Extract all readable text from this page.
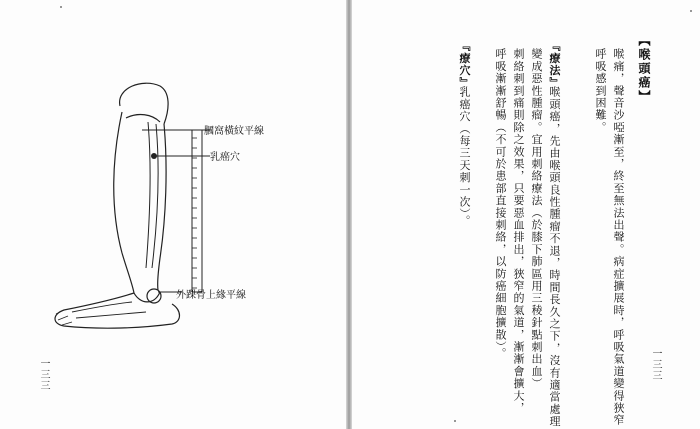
膕窩橫紋平線
乳癌穴
外踝骨上緣平線
一三三
【喉頭癌】
喉痛，聲音沙啞漸至，終至無法出聲。病症擴展時，呼吸氣道變得狹窄
呼吸感到困難。
『療法』
喉頭癌，先由喉頭良性腫瘤不退，時間長久之下，沒有適當處理
變成惡性腫瘤。宜用刺絡療法（於膝下肺區用三稜針點刺出血）
刺絡刺到痛則除之效果，只要惡血排出，狹窄的氣道，漸漸會擴大，
呼吸漸漸舒暢（不可於患部直接刺絡，以防癌細胞擴散）。
『療穴』
乳癌穴（每三天刺一次）。
一三三
